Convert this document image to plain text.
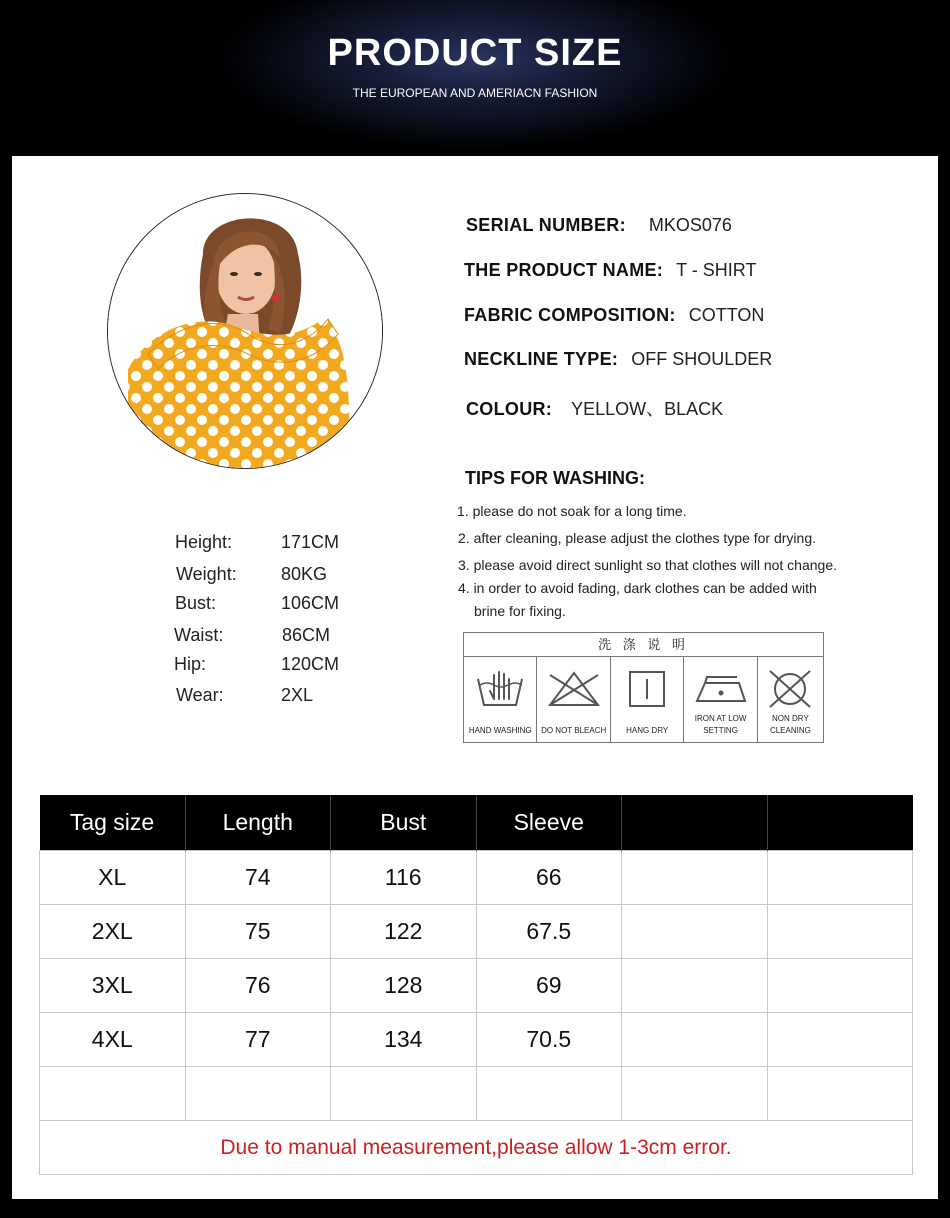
PRODUCT SIZE
THE EUROPEAN AND AMERIACN FASHION
SERIAL NUMBER: MKOS076
THE PRODUCT NAME: T - SHIRT
FABRIC COMPOSITION: COTTON
NECKLINE TYPE: OFF SHOULDER
COLOUR: YELLOW、BLACK
TIPS FOR WASHING:
1. please do not soak for a long time.
2. after cleaning, please adjust the clothes type for drying.
3. please avoid direct sunlight so that clothes will not change.
4. in order to avoid fading, dark clothes can be added with
brine for fixing.
Height:	171CM
Weight: 80KG
Bust:	106CM
Waist:	86CM
Hip:	120CM
Wear:	2XL
洗 涤 说 明
HAND WASHING	DO NOT BLEACH	HANG DRY
IRON AT LOW SETTING
NON DRY CLEANING
Tag size	Length	Bust	Sleeve		
XL	74	116	66		
2XL	75	122	67.5		
3XL	76	128	69		
4XL	77	134	70.5		

Due to manual measurement,please allow 1-3cm error.					
